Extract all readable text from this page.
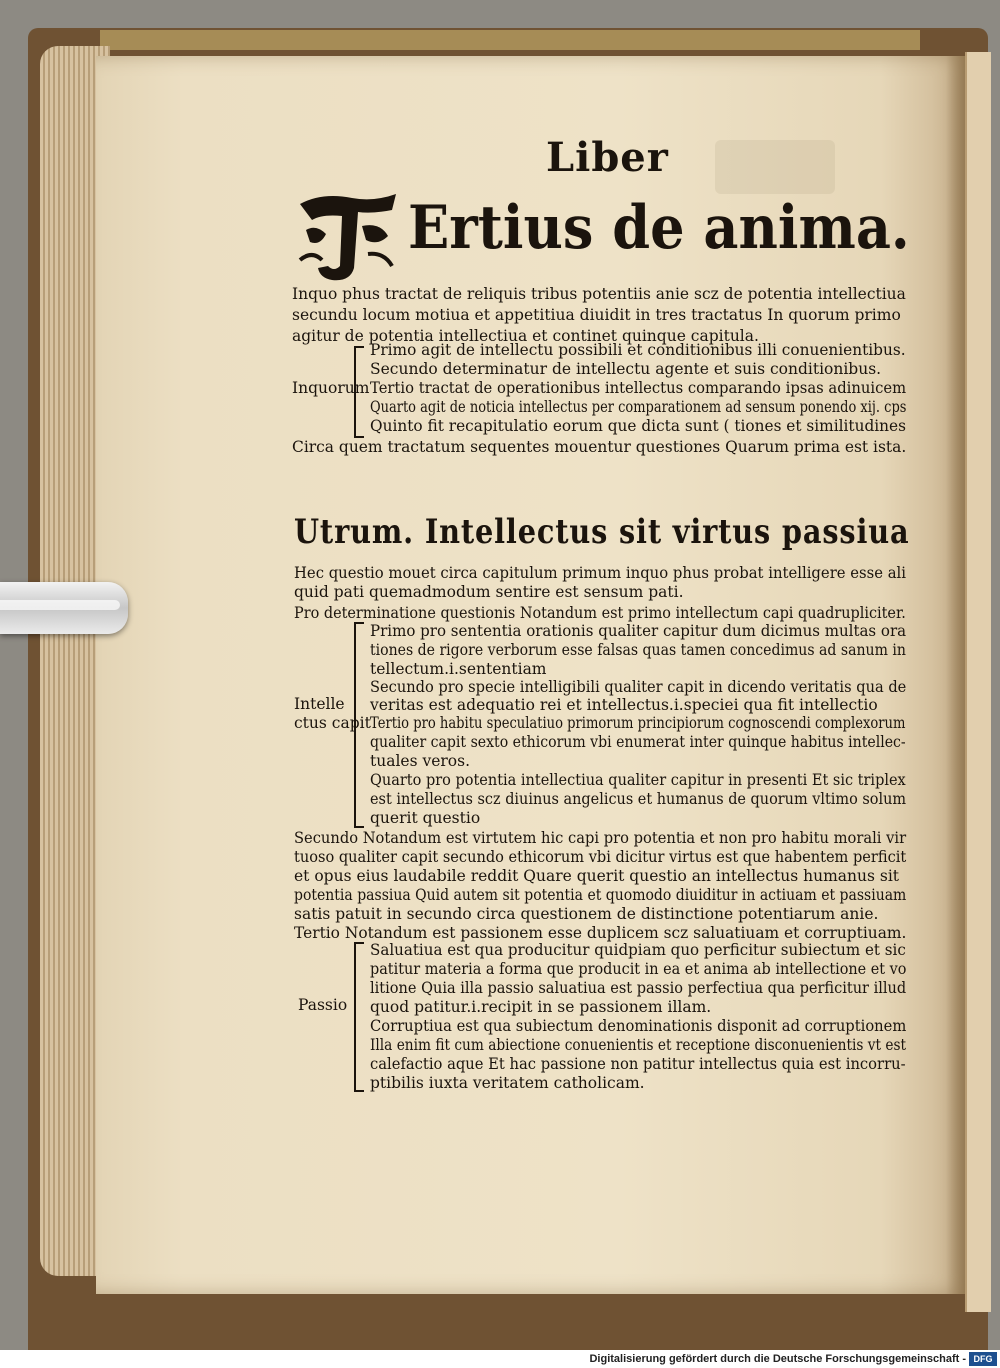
Liber
Ertius de anima.
Inquo phus tractat de reliquis tribus potentiis anie scz de potentia intellectiua
secundu locum motiua et appetitiua diuidit in tres tractatus In quorum primo
agitur de potentia intellectiua et continet quinque capitula.
Inquorum
Primo agit de intellectu possibili et conditionibus illi conuenientibus.
Secundo determinatur de intellectu agente et suis conditionibus.
Tertio tractat de operationibus intellectus comparando ipsas adinuicem
Quarto agit de noticia intellectus per comparationem ad sensum ponendo xij. cps
Quinto fit recapitulatio eorum que dicta sunt ( tiones et similitudines
Circa quem tractatum sequentes mouentur questiones Quarum prima est ista.
Utrum. Intellectus sit virtus passiua
Hec questio mouet circa capitulum primum inquo phus probat intelligere esse ali
quid pati quemadmodum sentire est sensum pati.
Pro determinatione questionis Notandum est primo intellectum capi quadrupliciter.
Intelle
ctus capit
Primo pro sententia orationis qualiter capitur dum dicimus multas ora
tiones de rigore verborum esse falsas quas tamen concedimus ad sanum in
tellectum.i.sententiam
Secundo pro specie intelligibili qualiter capit in dicendo veritatis qua de
veritas est adequatio rei et intellectus.i.speciei qua fit intellectio
Tertio pro habitu speculatiuo primorum principiorum cognoscendi complexorum
qualiter capit sexto ethicorum vbi enumerat inter quinque habitus intellec-
tuales veros.
Quarto pro potentia intellectiua qualiter capitur in presenti Et sic triplex
est intellectus scz diuinus angelicus et humanus de quorum vltimo solum
querit questio
Secundo Notandum est virtutem hic capi pro potentia et non pro habitu morali vir
tuoso qualiter capit secundo ethicorum vbi dicitur virtus est que habentem perficit
et opus eius laudabile reddit Quare querit questio an intellectus humanus sit
potentia passiua Quid autem sit potentia et quomodo diuiditur in actiuam et passiuam
satis patuit in secundo circa questionem de distinctione potentiarum anie.
Tertio Notandum est passionem esse duplicem scz saluatiuam et corruptiuam.
Passio
Saluatiua est qua producitur quidpiam quo perficitur subiectum et sic
patitur materia a forma que producit in ea et anima ab intellectione et vo
litione Quia illa passio saluatiua est passio perfectiua qua perficitur illud
quod patitur.i.recipit in se passionem illam.
Corruptiua est qua subiectum denominationis disponit ad corruptionem
Illa enim fit cum abiectione conuenientis et receptione disconuenientis vt est
calefactio aque Et hac passione non patitur intellectus quia est incorru-
ptibilis iuxta veritatem catholicam.
Digitalisierung gefördert durch die Deutsche Forschungsgemeinschaft - DFG
